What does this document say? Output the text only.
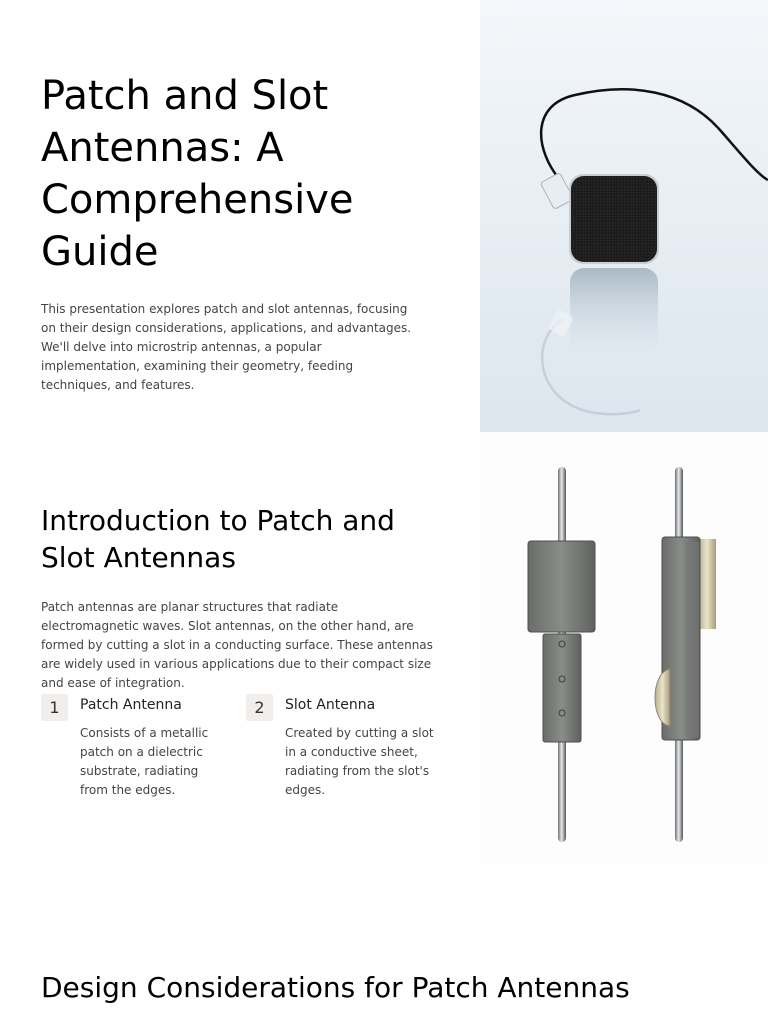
Patch and Slot Antennas: A Comprehensive Guide

This presentation explores patch and slot antennas, focusing on their design considerations, applications, and advantages. We'll delve into microstrip antennas, a popular implementation, examining their geometry, feeding techniques, and features.

Introduction to Patch and Slot Antennas

Patch antennas are planar structures that radiate electromagnetic waves. Slot antennas, on the other hand, are formed by cutting a slot in a conducting surface. These antennas are widely used in various applications due to their compact size and ease of integration.

1	Patch Antenna

Consists of a metallic patch on a dielectric substrate, radiating from the edges.

2	Slot Antenna

Created by cutting a slot in a conductive sheet, radiating from the slot's edges.

Design Considerations for Patch Antennas
